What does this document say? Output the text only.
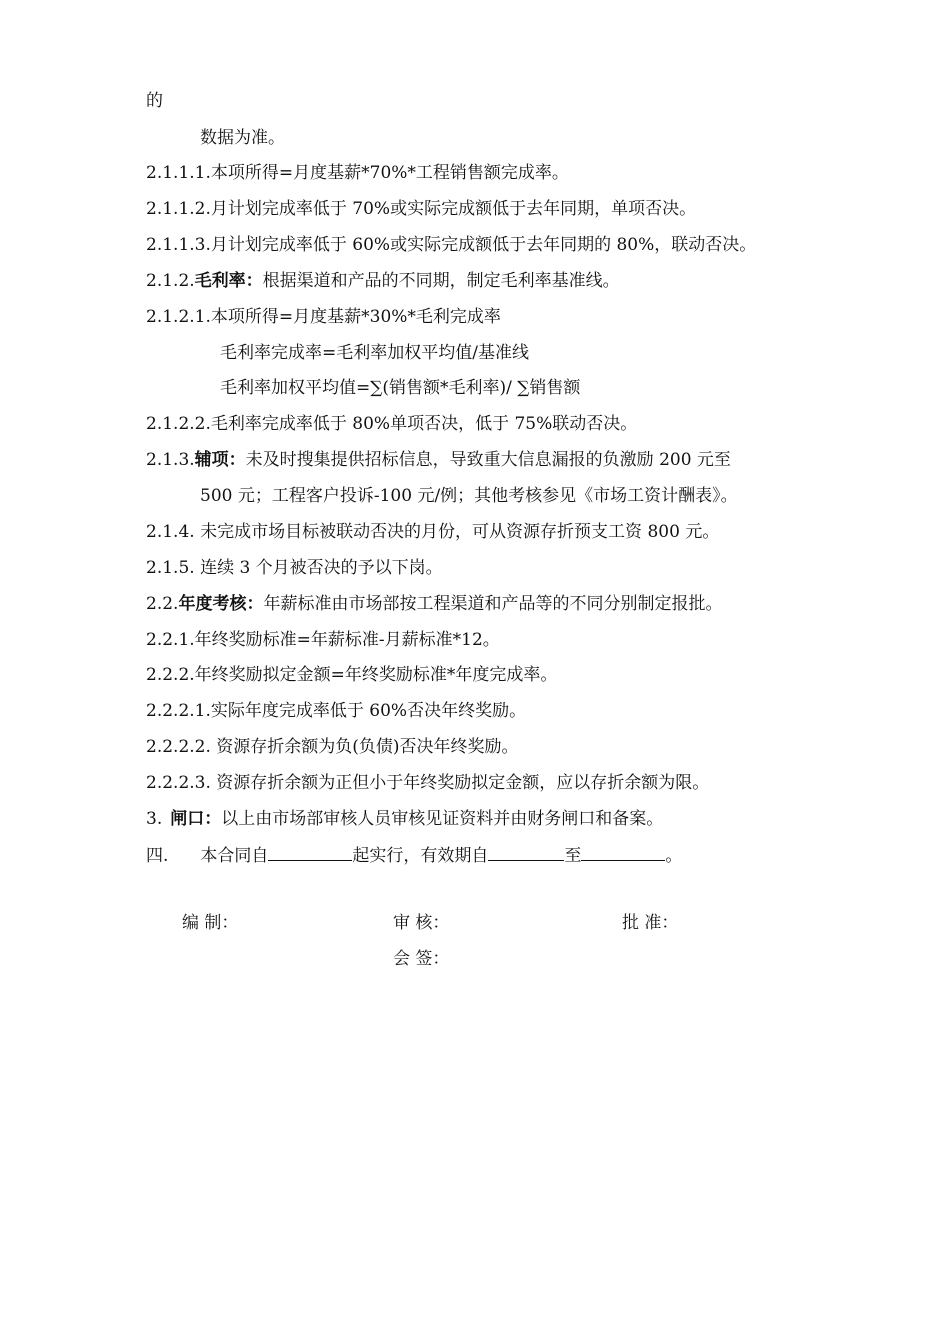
的
数据为准。
2.1.1.1.本项所得=月度基薪*70%*工程销售额完成率。
2.1.1.2.月计划完成率低于 70%或实际完成额低于去年同期，单项否决。
2.1.1.3.月计划完成率低于 60%或实际完成额低于去年同期的 80%，联动否决。
2.1.2.毛利率：根据渠道和产品的不同期，制定毛利率基准线。
2.1.2.1.本项所得=月度基薪*30%*毛利完成率
毛利率完成率=毛利率加权平均值/基准线
毛利率加权平均值=∑(销售额*毛利率)/ ∑销售额
2.1.2.2.毛利率完成率低于 80%单项否决，低于 75%联动否决。
2.1.3.辅项：未及时搜集提供招标信息，导致重大信息漏报的负激励 200 元至
500 元；工程客户投诉-100 元/例；其他考核参见《市场工资计酬表》。
2.1.4. 未完成市场目标被联动否决的月份，可从资源存折预支工资 800 元。
2.1.5. 连续 3 个月被否决的予以下岗。
2.2.年度考核：年薪标准由市场部按工程渠道和产品等的不同分别制定报批。
2.2.1.年终奖励标准=年薪标准-月薪标准*12。
2.2.2.年终奖励拟定金额=年终奖励标准*年度完成率。
2.2.2.1.实际年度完成率低于 60%否决年终奖励。
2.2.2.2. 资源存折余额为负(负债)否决年终奖励。
2.2.2.3. 资源存折余额为正但小于年终奖励拟定金额，应以存折余额为限。
3. 闸口：以上由市场部审核人员审核见证资料并由财务闸口和备案。
四. 本合同自	起实行，有效期自	至	。
编 制：	审 核：	批 准：
会 签：
